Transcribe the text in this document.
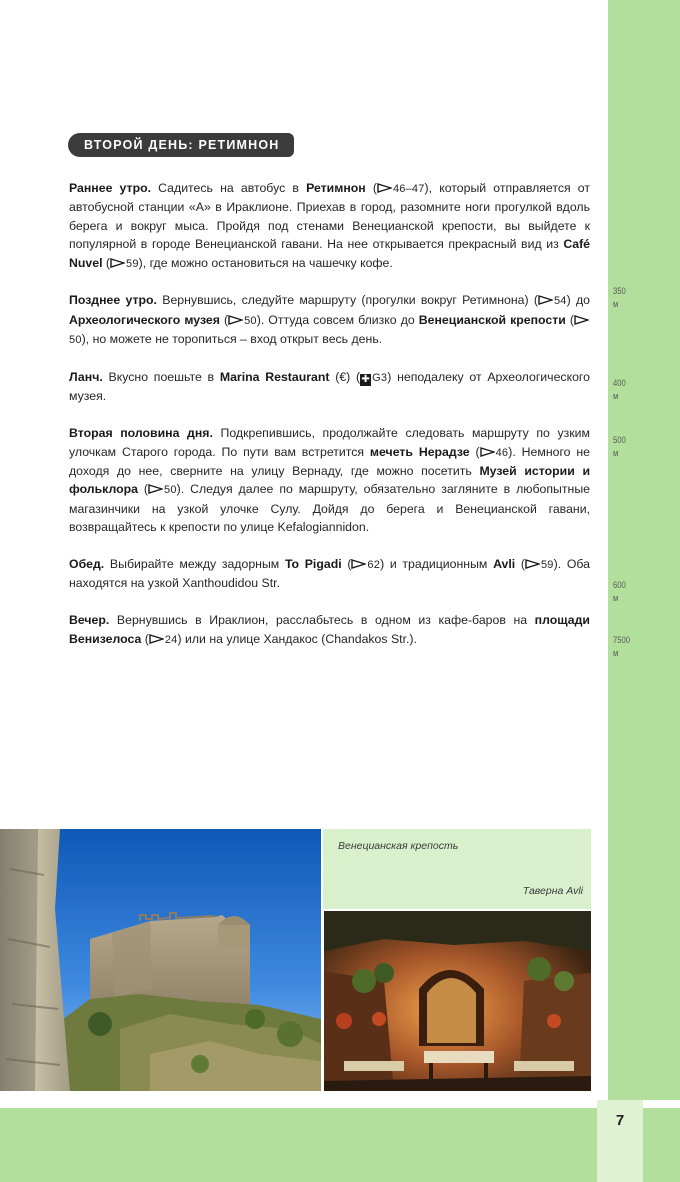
7
350
м
400
м
500
м
600
м
7500
м
ВТОРОЙ ДЕНЬ: РЕТИМНОН

Раннее утро. Садитесь на автобус в Ретимнон ( 46–47), который отправляется от автобусной станции «А» в Ираклионе. Приехав в город, разомните ноги прогулкой вдоль берега и вокруг мыса. Пройдя под стенами Венецианской крепости, вы выйдете к популярной в городе Венецианской гавани. На нее открывается прекрасный вид из Café Nuvel ( 59), где можно остановиться на чашечку кофе.

Позднее утро. Вернувшись, следуйте маршруту (прогулки вокруг Ретимнона) ( 54) до Археологического музея ( 50). Оттуда совсем близко до Венецианской крепости (50), но можете не торопиться – вход открыт весь день.

Ланч. Вкусно поешьте в Marina Restaurant (€) (✚ G3) неподалеку от Археологического музея.

Вторая половина дня. Подкрепившись, продолжайте следовать маршруту по узким улочкам Старого города. По пути вам встретится мечеть Нерадзе ( 46). Немного не доходя до нее, сверните на улицу Вернаду, где можно посетить Музей истории и фольклора ( 50). Следуя далее по маршруту, обязательно загляните в любопытные магазинчики на узкой улочке Сулу. Дойдя до берега и Венецианской гавани, возвращайтесь к крепости по улице Kefalogiannidon.

Обед. Выбирайте между задорным To Pigadi ( 62) и традиционным Avli ( 59). Оба находятся на узкой Xanthoudidou Str.

Вечер. Вернувшись в Ираклион, расслабьтесь в одном из кафе-баров на площади Венизелоса ( 24) или на улице Хандакос (Chandakos Str.).

Венецианская крепость
Таверна Avli
